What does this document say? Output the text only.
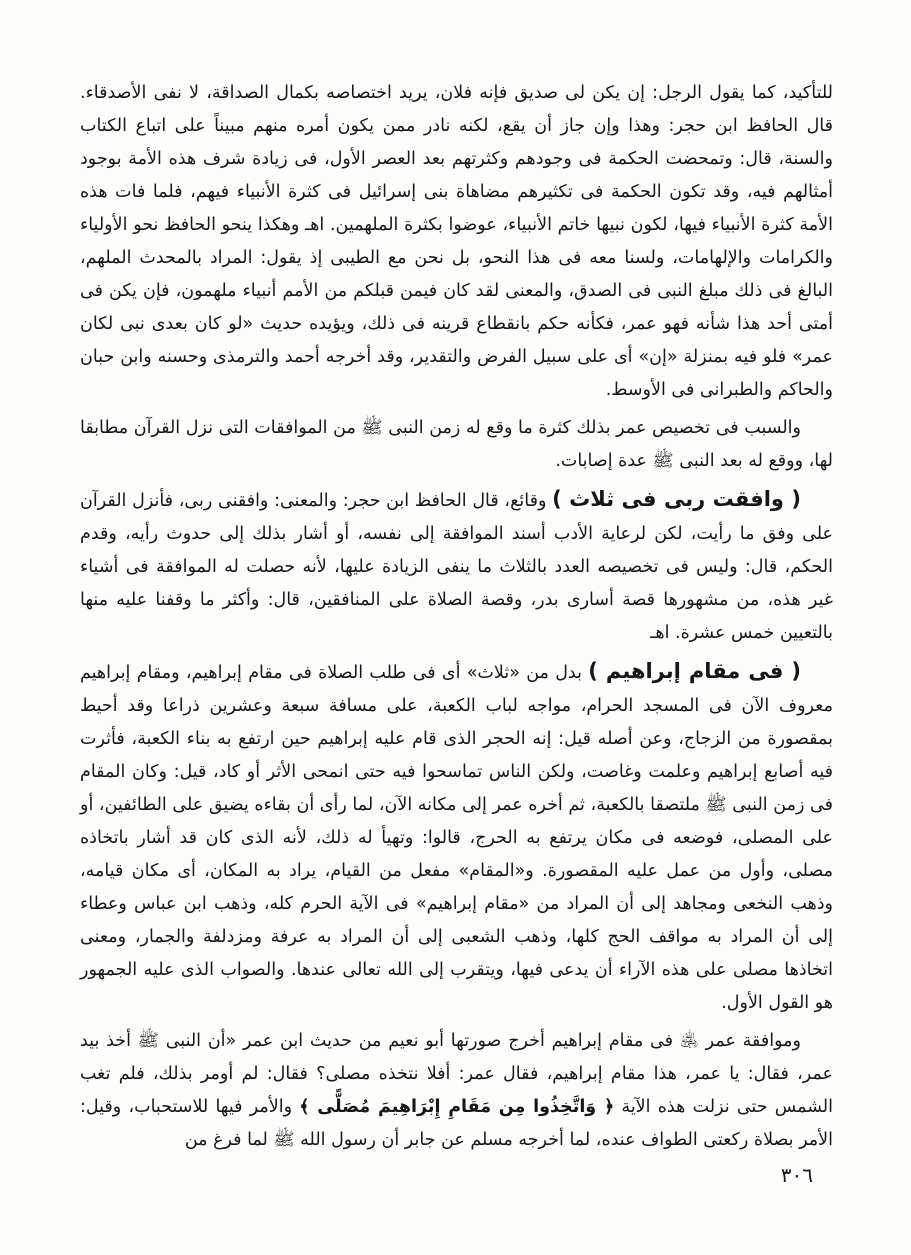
للتأكيد، كما يقول الرجل: إن يكن لى صديق فإنه فلان، يريد اختصاصه بكمال الصداقة، لا نفى الأصدقاء. قال الحافظ ابن حجر: وهذا وإن جاز أن يقع، لكنه نادر ممن يكون أمره منهم مبيناً على اتباع الكتاب والسنة، قال: وتمحضت الحكمة فى وجودهم وكثرتهم بعد العصر الأول، فى زيادة شرف هذه الأمة بوجود أمثالهم فيه، وقد تكون الحكمة فى تكثيرهم مضاهاة بنى إسرائيل فى كثرة الأنبياء فيهم، فلما فات هذه الأمة كثرة الأنبياء فيها، لكون نبيها خاتم الأنبياء، عوضوا بكثرة الملهمين. اهـ وهكذا ينحو الحافظ نحو الأولياء والكرامات والإلهامات، ولسنا معه فى هذا النحو، بل نحن مع الطيبى إذ يقول: المراد بالمحدث الملهم، البالغ فى ذلك مبلغ النبى فى الصدق، والمعنى لقد كان فيمن قبلكم من الأمم أنبياء ملهمون، فإن يكن فى أمتى أحد هذا شأنه فهو عمر، فكأنه حكم بانقطاع قرينه فى ذلك، ويؤيده حديث «لو كان بعدى نبى لكان عمر» فلو فيه بمنزلة «إن» أى على سبيل الفرض والتقدير، وقد أخرجه أحمد والترمذى وحسنه وابن حبان والحاكم والطبرانى فى الأوسط.

والسبب فى تخصيص عمر بذلك كثرة ما وقع له زمن النبى ﷺ من الموافقات التى نزل القرآن مطابقا لها، ووقع له بعد النبى ﷺ عدة إصابات.

( وافقت ربى فى ثلاث ) وقائع، قال الحافظ ابن حجر: والمعنى: وافقنى ربى، فأنزل القرآن على وفق ما رأيت، لكن لرعاية الأدب أسند الموافقة إلى نفسه، أو أشار بذلك إلى حدوث رأيه، وقدم الحكم، قال: وليس فى تخصيصه العدد بالثلاث ما ينفى الزيادة عليها، لأنه حصلت له الموافقة فى أشياء غير هذه، من مشهورها قصة أسارى بدر، وقصة الصلاة على المنافقين، قال: وأكثر ما وقفنا عليه منها بالتعيين خمس عشرة. اهـ

( فى مقام إبراهيم ) بدل من «ثلاث» أى فى طلب الصلاة فى مقام إبراهيم، ومقام إبراهيم معروف الآن فى المسجد الحرام، مواجه لباب الكعبة، على مسافة سبعة وعشرين ذراعا وقد أحيط بمقصورة من الزجاج، وعن أصله قيل: إنه الحجر الذى قام عليه إبراهيم حين ارتفع به بناء الكعبة، فأثرت فيه أصابع إبراهيم وعلمت وغاصت، ولكن الناس تماسحوا فيه حتى انمحى الأثر أو كاد، قيل: وكان المقام فى زمن النبى ﷺ ملتصقا بالكعبة، ثم أخره عمر إلى مكانه الآن، لما رأى أن بقاءه يضيق على الطائفين، أو على المصلى، فوضعه فى مكان يرتفع به الحرج، قالوا: وتهيأ له ذلك، لأنه الذى كان قد أشار باتخاذه مصلى، وأول من عمل عليه المقصورة. و«المقام» مفعل من القيام، يراد به المكان، أى مكان قيامه، وذهب النخعى ومجاهد إلى أن المراد من «مقام إبراهيم» فى الآية الحرم كله، وذهب ابن عباس وعطاء إلى أن المراد به مواقف الحج كلها، وذهب الشعبى إلى أن المراد به عرفة ومزدلفة والجمار، ومعنى اتخاذها مصلى على هذه الآراء أن يدعى فيها، ويتقرب إلى الله تعالى عندها. والصواب الذى عليه الجمهور هو القول الأول.

وموافقة عمر ﵁ فى مقام إبراهيم أخرج صورتها أبو نعيم من حديث ابن عمر «أن النبى ﷺ أخذ بيد عمر، فقال: يا عمر، هذا مقام إبراهيم، فقال عمر: أفلا نتخذه مصلى؟ فقال: لم أومر بذلك، فلم تغب الشمس حتى نزلت هذه الآية ﴿ وَاتَّخِذُوا مِن مَقَامِ إِبْرَاهِيمَ مُصَلًّى ﴾ والأمر فيها للاستحباب، وقيل: الأمر بصلاة ركعتى الطواف عنده، لما أخرجه مسلم عن جابر أن رسول الله ﷺ لما فرغ من

٣٠٦
